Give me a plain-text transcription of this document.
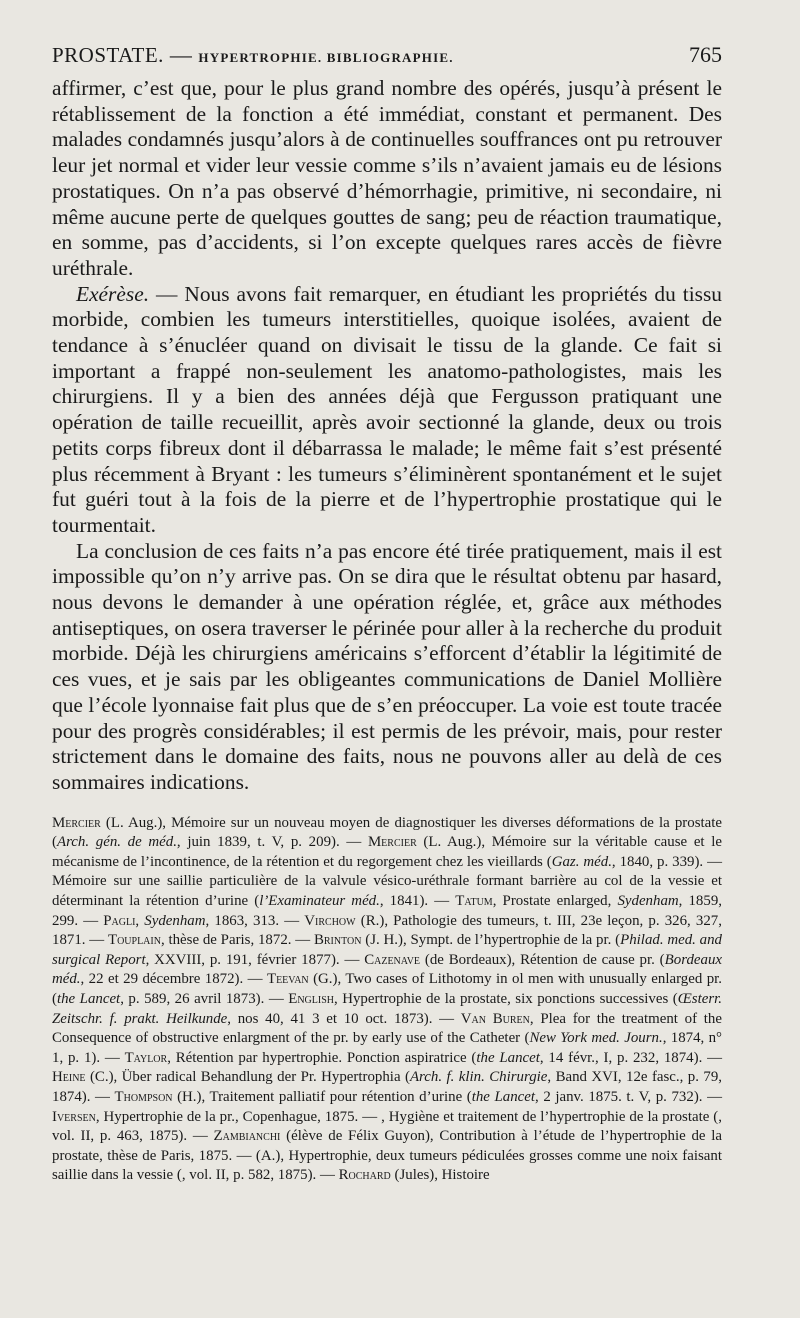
PROSTATE. — HYPERTROPHIE. BIBLIOGRAPHIE.	765

affirmer, c’est que, pour le plus grand nombre des opérés, jusqu’à présent le rétablissement de la fonction a été immédiat, constant et permanent. Des malades condamnés jusqu’alors à de continuelles souffrances ont pu retrouver leur jet normal et vider leur vessie comme s’ils n’avaient jamais eu de lésions prostatiques. On n’a pas observé d’hémorrhagie, primitive, ni secondaire, ni même aucune perte de quelques gouttes de sang; peu de réaction traumatique, en somme, pas d’accidents, si l’on excepte quelques rares accès de fièvre uréthrale.

Exérèse. — Nous avons fait remarquer, en étudiant les propriétés du tissu morbide, combien les tumeurs interstitielles, quoique isolées, avaient de tendance à s’énucléer quand on divisait le tissu de la glande. Ce fait si important a frappé non-seulement les anatomo-pathologistes, mais les chirurgiens. Il y a bien des années déjà que Fergusson pratiquant une opération de taille recueillit, après avoir sectionné la glande, deux ou trois petits corps fibreux dont il débarrassa le malade; le même fait s’est présenté plus récemment à Bryant : les tumeurs s’éliminèrent spontanément et le sujet fut guéri tout à la fois de la pierre et de l’hypertrophie prostatique qui le tourmentait.

La conclusion de ces faits n’a pas encore été tirée pratiquement, mais il est impossible qu’on n’y arrive pas. On se dira que le résultat obtenu par hasard, nous devons le demander à une opération réglée, et, grâce aux méthodes antiseptiques, on osera traverser le périnée pour aller à la recherche du produit morbide. Déjà les chirurgiens américains s’efforcent d’établir la légitimité de ces vues, et je sais par les obligeantes communications de Daniel Mollière que l’école lyonnaise fait plus que de s’en préoccuper. La voie est toute tracée pour des progrès considérables; il est permis de les prévoir, mais, pour rester strictement dans le domaine des faits, nous ne pouvons aller au delà de ces sommaires indications.

Mercier (L. Aug.), Mémoire sur un nouveau moyen de diagnostiquer les diverses déformations de la prostate (Arch. gén. de méd., juin 1839, t. V, p. 209). — Mercier (L. Aug.), Mémoire sur la véritable cause et le mécanisme de l’incontinence, de la rétention et du regorgement chez les vieillards (Gaz. méd., 1840, p. 339). — Mémoire sur une saillie particulière de la valvule vésico-uréthrale formant barrière au col de la vessie et déterminant la rétention d’urine (l’Examinateur méd., 1841). — Tatum, Prostate enlarged, Sydenham, 1859, 299. — Pagli, Sydenham, 1863, 313. — Virchow (R.), Pathologie des tumeurs, t. III, 23e leçon, p. 326, 327, 1871. — Touplain, thèse de Paris, 1872. — Brinton (J. H.), Sympt. de l’hypertrophie de la pr. (Philad. med. and surgical Report, XXVIII, p. 191, février 1877). — Cazenave (de Bordeaux), Rétention de cause pr. (Bordeaux méd., 22 et 29 décembre 1872). — Teevan (G.), Two cases of Lithotomy in ol men with unusually enlarged pr. (the Lancet, p. 589, 26 avril 1873). — English, Hypertrophie de la prostate, six ponctions successives (Œsterr. Zeitschr. f. prakt. Heilkunde, nos 40, 41 3 et 10 oct. 1873). — Van Buren, Plea for the treatment of the Consequence of obstructive enlargment of the pr. by early use of the Catheter (New York med. Journ., 1874, n° 1, p. 1). — Taylor, Rétention par hypertrophie. Ponction aspiratrice (the Lancet, 14 févr., I, p. 232, 1874). — Heine (C.), Über radical Behandlung der Pr. Hypertrophia (Arch. f. klin. Chirurgie, Band XVI, 12e fasc., p. 79, 1874). — Thompson (H.), Traitement palliatif pour rétention d’urine (the Lancet, 2 janv. 1875. t. V, p. 732). — Iversen, Hypertrophie de la pr., Copenhague, 1875. — , Hygiène et traitement de l’hypertrophie de la prostate (, vol. II, p. 463, 1875). — Zambianchi (élève de Félix Guyon), Contribution à l’étude de l’hypertrophie de la prostate, thèse de Paris, 1875. — (A.), Hypertrophie, deux tumeurs pédiculées grosses comme une noix faisant saillie dans la vessie (, vol. II, p. 582, 1875). — Rochard (Jules), Histoire
